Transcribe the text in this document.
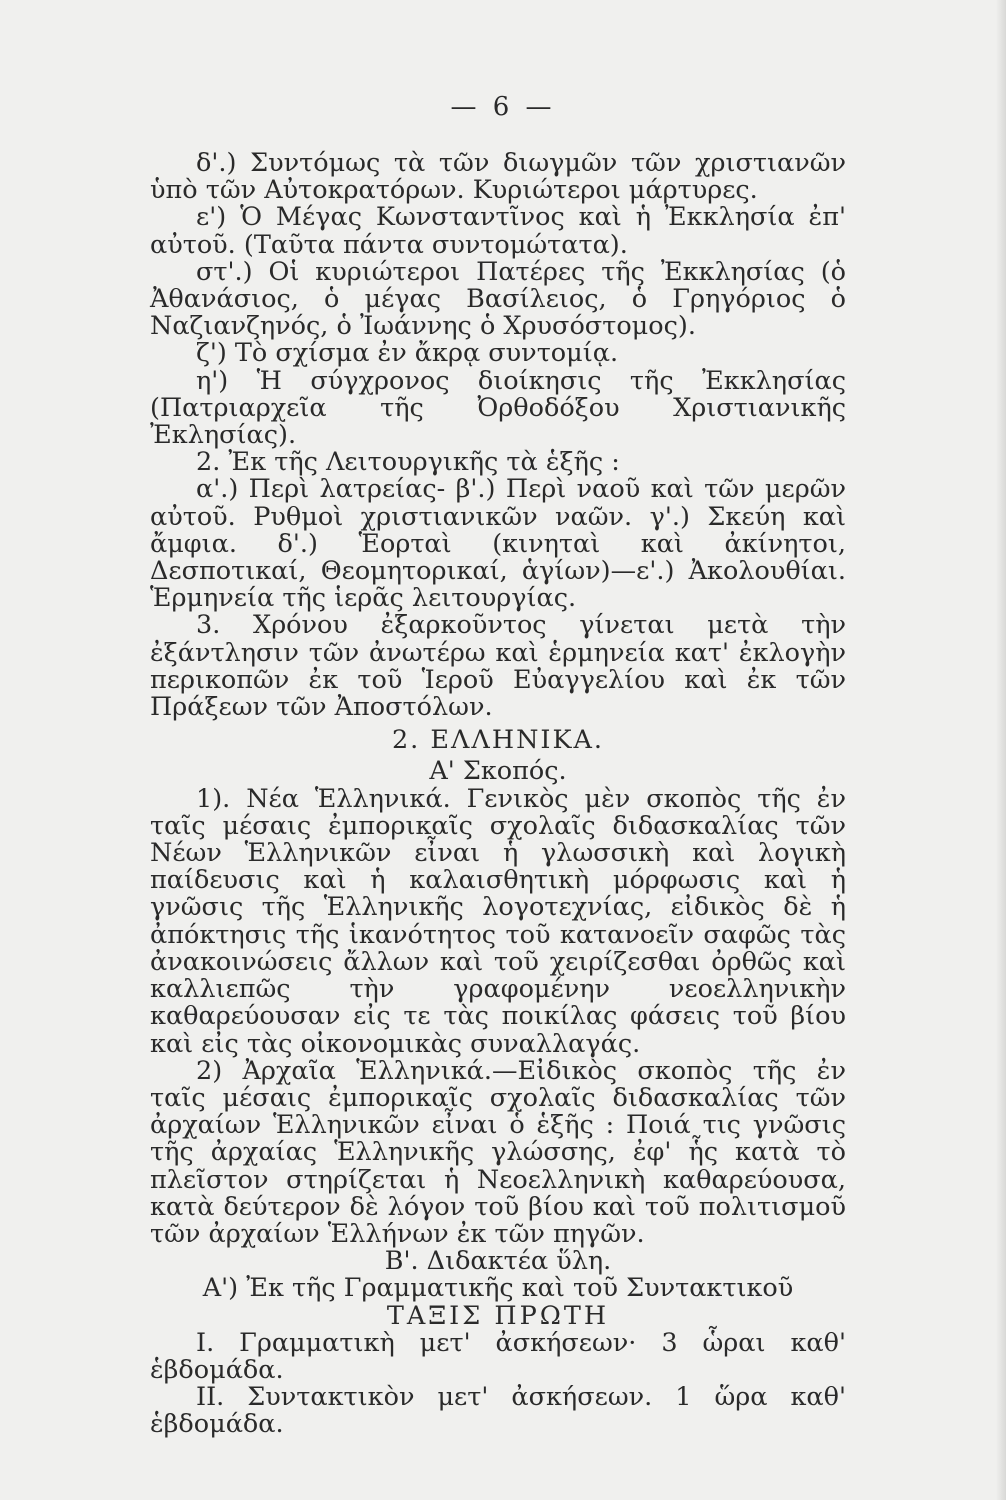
— 6 —

δ'.) Συντόμως τὰ τῶν διωγμῶν τῶν χριστιανῶν ὑπὸ τῶν Αὐτοκρατόρων. Κυριώτεροι μάρτυρες.

ε') Ὁ Μέγας Κωνσταντῖνος καὶ ἡ Ἐκκλησία ἐπ' αὐτοῦ. (Ταῦτα πάντα συντομώτατα).

στ'.) Οἱ κυριώτεροι Πατέρες τῆς Ἐκκλησίας (ὁ Ἀθανάσιος, ὁ μέγας Βασίλειος, ὁ Γρηγόριος ὁ Ναζιανζηνός, ὁ Ἰωάννης ὁ Χρυσόστομος).

ζ') Τὸ σχίσμα ἐν ἄκρᾳ συντομίᾳ.

η') Ἡ σύγχρονος διοίκησις τῆς Ἐκκλησίας (Πατριαρχεῖα τῆς Ὀρθοδόξου Χριστιανικῆς Ἐκλησίας).

2. Ἐκ τῆς Λειτουργικῆς τὰ ἑξῆς :

α'.) Περὶ λατρείας- β'.) Περὶ ναοῦ καὶ τῶν μερῶν αὐτοῦ. Ρυθμοὶ χριστιανικῶν ναῶν. γ'.) Σκεύη καὶ ἄμφια. δ'.) Ἑορταὶ (κινηταὶ καὶ ἀκίνητοι, Δεσποτικαί, Θεομητορικαί, ἁγίων)—ε'.) Ἀκολουθίαι. Ἑρμηνεία τῆς ἱερᾶς λειτουργίας.

3. Χρόνου ἐξαρκοῦντος γίνεται μετὰ τὴν ἐξάντλησιν τῶν ἀνωτέρω καὶ ἑρμηνεία κατ' ἐκλογὴν περικοπῶν ἐκ τοῦ Ἱεροῦ Εὐαγγελίου καὶ ἐκ τῶν Πράξεων τῶν Ἀποστόλων.

2. ΕΛΛΗΝΙΚΑ.

Α' Σκοπός.

1). Νέα Ἑλληνικά. Γενικὸς μὲν σκοπὸς τῆς ἐν ταῖς μέσαις ἐμπορικαῖς σχολαῖς διδασκαλίας τῶν Νέων Ἑλληνικῶν εἶναι ἡ γλωσσικὴ καὶ λογικὴ παίδευσις καὶ ἡ καλαισθητικὴ μόρφωσις καὶ ἡ γνῶσις τῆς Ἑλληνικῆς λογοτεχνίας, εἰδικὸς δὲ ἡ ἀπόκτησις τῆς ἱκανότητος τοῦ κατανοεῖν σαφῶς τὰς ἀνακοινώσεις ἄλλων καὶ τοῦ χειρίζεσθαι ὀρθῶς καὶ καλλιεπῶς τὴν γραφομένην νεοελληνικὴν καθαρεύουσαν εἰς τε τὰς ποικίλας φάσεις τοῦ βίου καὶ εἰς τὰς οἰκονομικὰς συναλλαγάς.

2) Ἀρχαῖα Ἑλληνικά.—Εἰδικὸς σκοπὸς τῆς ἐν ταῖς μέσαις ἐμπορικαῖς σχολαῖς διδασκαλίας τῶν ἀρχαίων Ἑλληνικῶν εἶναι ὁ ἑξῆς : Ποιά τις γνῶσις τῆς ἀρχαίας Ἑλληνικῆς γλώσσης, ἐφ' ἧς κατὰ τὸ πλεῖστον στηρίζεται ἡ Νεοελληνικὴ καθαρεύουσα, κατὰ δεύτερον δὲ λόγον τοῦ βίου καὶ τοῦ πολιτισμοῦ τῶν ἀρχαίων Ἑλλήνων ἐκ τῶν πηγῶν.

Β'. Διδακτέα ὕλη.

Α') Ἐκ τῆς Γραμματικῆς καὶ τοῦ Συντακτικοῦ

ΤΑΞΙΣ ΠΡΩΤΗ

Ι. Γραμματικὴ μετ' ἀσκήσεων· 3 ὧραι καθ' ἑβδομάδα.

ΙΙ. Συντακτικὸν μετ' ἀσκήσεων. 1 ὥρα καθ' ἑβδομάδα.
